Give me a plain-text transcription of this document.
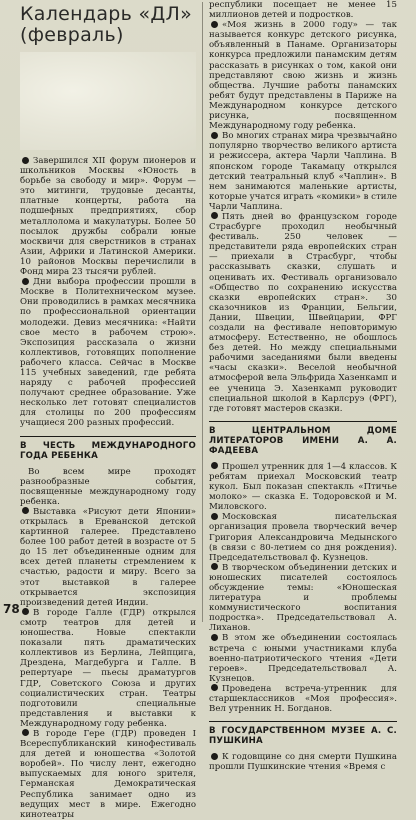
Календарь «ДЛ»
(февраль)

Завершился XII форум пионеров и школьников Москвы «Юность в борьбе за свободу и мир». Форум — это митинги, трудовые десанты, платные концерты, работа на подшефных предприятиях, сбор металлолома и макулатуры. Более 50 посылок дружбы собрали юные москвичи для сверстников в странах Азии, Африки и Латинской Америки. 10 районов Москвы перечислили в Фонд мира 23 тысячи рублей.

Дни выбора профессии прошли в Москве в Политехническом музее. Они проводились в рамках месячника по профессиональной ориентации молодежи. Девиз месячника: «Найти свое место в рабочем строю». Экспозиция рассказала о жизни коллективов, готовящих пополнение рабочего класса. Сейчас в Москве 115 учебных заведений, где ребята наряду с рабочей профессией получают среднее образование. Уже несколько лет готовят специалистов для столицы по 200 профессиям учащиеся 200 разных профессий.

В ЧЕСТЬ МЕЖДУНАРОДНОГО ГОДА РЕБЕНКА

Во всем мире проходят разнообразные события, посвященные международному году ребенка.

Выставка «Рисуют дети Японии» открылась в Ереванской детской картинной галерее. Представлено более 100 работ детей в возрасте от 5 до 15 лет объединенные одним для всех детей планеты стремлением к счастью, радости и миру. Всего за этот выставкой в галерее открывается экспозиция произведений детей Индии.

В городе Галле (ГДР) открылся смотр театров для детей и юношества. Новые спектакли показали пять драматических коллективов из Берлина, Лейпцига, Дрездена, Магдебурга и Галле. В репертуаре — пьесы драматургов ГДР, Советского Союза и других социалистических стран. Театры подготовили специальные представления и выставки к Международному году ребенка.

В городе Гере (ГДР) проведен I Всереспубликанский кинофестиваль для детей и юношества «Золотой воробей». По числу лент, ежегодно выпускаемых для юного зрителя, Германская Демократическая Республика занимает одно из ведущих мест в мире. Ежегодно кинотеатры

республики посещает не менее 15 миллионов детей и подростков.

«Моя жизнь в 2000 году» — так называется конкурс детского рисунка, объявленный в Панаме. Организаторы конкурса предложили панамским детям рассказать в рисунках о том, какой они представляют свою жизнь и жизнь общества. Лучшие работы панамских ребят будут представлены в Париже на Международном конкурсе детского рисунка, посвященном Международному году ребенка.

Во многих странах мира чрезвычайно популярно творчество великого артиста и режиссера, актера Чарли Чаплина. В японском городе Такамацу открылся детский театральный клуб «Чаплин». В нем занимаются маленькие артисты, которые учатся играть «комики» в стиле Чарли Чаплина.

Пять дней во французском городе Страсбурге проходил необычный фестиваль. 250 человек — представители ряда европейских стран — приехали в Страсбург, чтобы рассказывать сказки, слушать и оценивать их. Фестиваль организовало «Общество по сохранению искусства сказки европейских стран». 30 сказочников из Франции, Бельгии, Дании, Швеции, Швейцарии, ФРГ создали на фестивале неповторимую атмосферу. Естественно, не обошлось без детей. Но между специальными рабочими заседаниями были введены «часы сказки». Веселой необычной атмосферой вела Эльфрида Хазенкамп и ее ученица Э. Хазенкамп руководит специальной школой в Карлсруэ (ФРГ), где готовят мастеров сказки.

В ЦЕНТРАЛЬНОМ ДОМЕ ЛИТЕРАТОРОВ ИМЕНИ А. А. ФАДЕЕВА

Прошел утренник для 1—4 классов. К ребятам приехал Московский театр кукол. Был показан спектакль «Птичье молоко» — сказка Е. Тодоровской и М. Миловского.

Московская писательская организация провела творческий вечер Григория Александровича Медынского (в связи с 80-летием со дня рождения). Председательствовал ф. Кузнецов.

В творческом объединении детских и юношеских писателей состоялось обсуждение темы: «Юношеская литература и проблемы коммунистического воспитания подростка». Председательствовал А. Лиханов.

В этом же объединении состоялась встреча с юными участниками клуба военно-патриотического чтения «Дети героев». Председательствовал А. Кузнецов.

Проведена встреча-утренник для старшеклассников «Моя профессия». Вел утренник Н. Богданов.

В ГОСУДАРСТВЕННОМ МУЗЕЕ А. С. ПУШКИНА

К годовщине со дня смерти Пушкина прошли Пушкинские чтения «Время с

78
